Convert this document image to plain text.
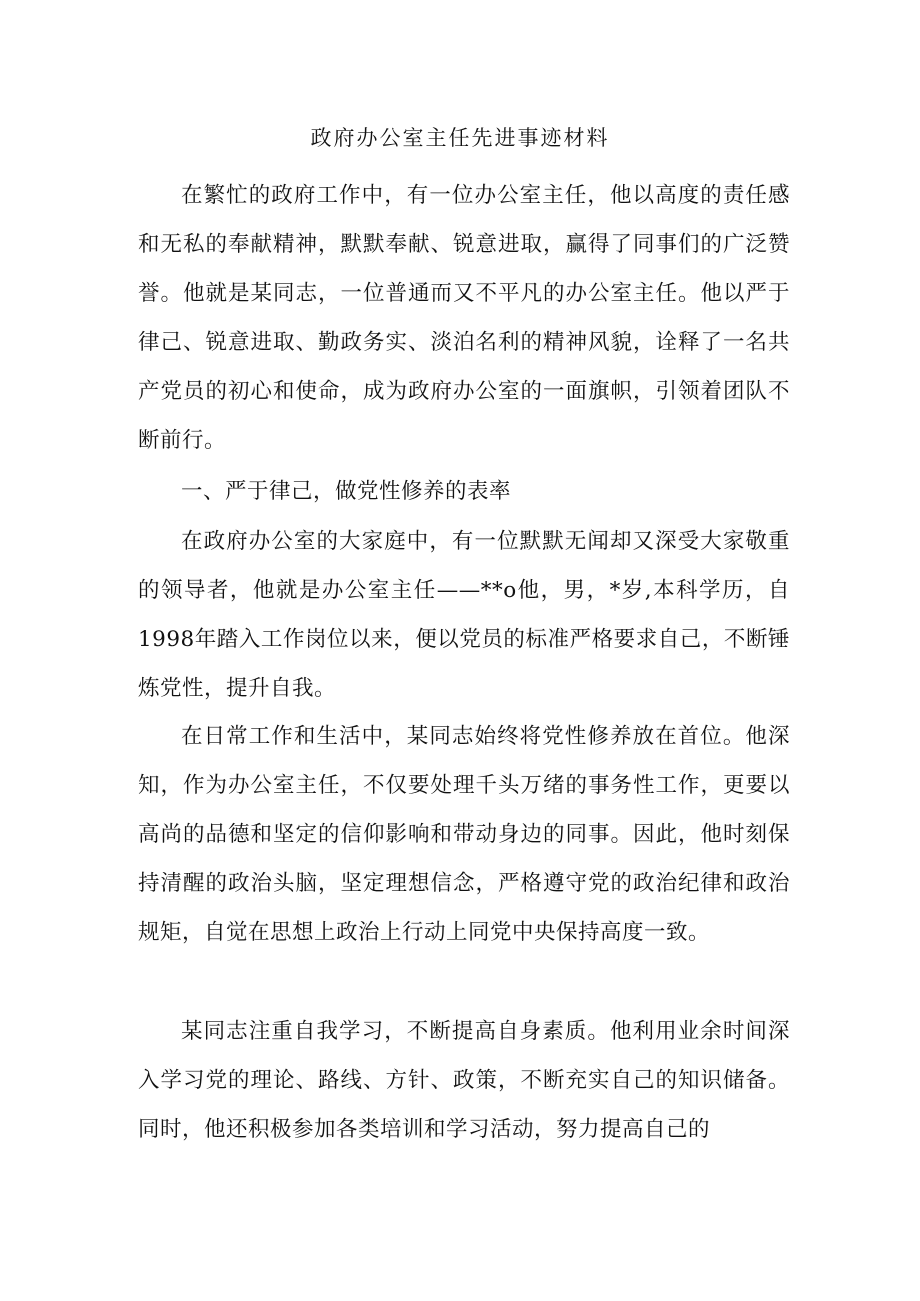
政府办公室主任先进事迹材料

在繁忙的政府工作中，有一位办公室主任，他以高度的责任感和无私的奉献精神，默默奉献、锐意进取，赢得了同事们的广泛赞誉。他就是某同志，一位普通而又不平凡的办公室主任。他以严于律己、锐意进取、勤政务实、淡泊名利的精神风貌，诠释了一名共产党员的初心和使命，成为政府办公室的一面旗帜，引领着团队不断前行。

一、严于律己，做党性修养的表率

在政府办公室的大家庭中，有一位默默无闻却又深受大家敬重的领导者，他就是办公室主任——**o他，男，*岁,本科学历，自1998年踏入工作岗位以来，便以党员的标准严格要求自己，不断锤炼党性，提升自我。

在日常工作和生活中，某同志始终将党性修养放在首位。他深知，作为办公室主任，不仅要处理千头万绪的事务性工作，更要以高尚的品德和坚定的信仰影响和带动身边的同事。因此，他时刻保持清醒的政治头脑，坚定理想信念，严格遵守党的政治纪律和政治规矩，自觉在思想上政治上行动上同党中央保持高度一致。

某同志注重自我学习，不断提高自身素质。他利用业余时间深入学习党的理论、路线、方针、政策，不断充实自己的知识储备。同时，他还积极参加各类培训和学习活动，努力提高自己的
